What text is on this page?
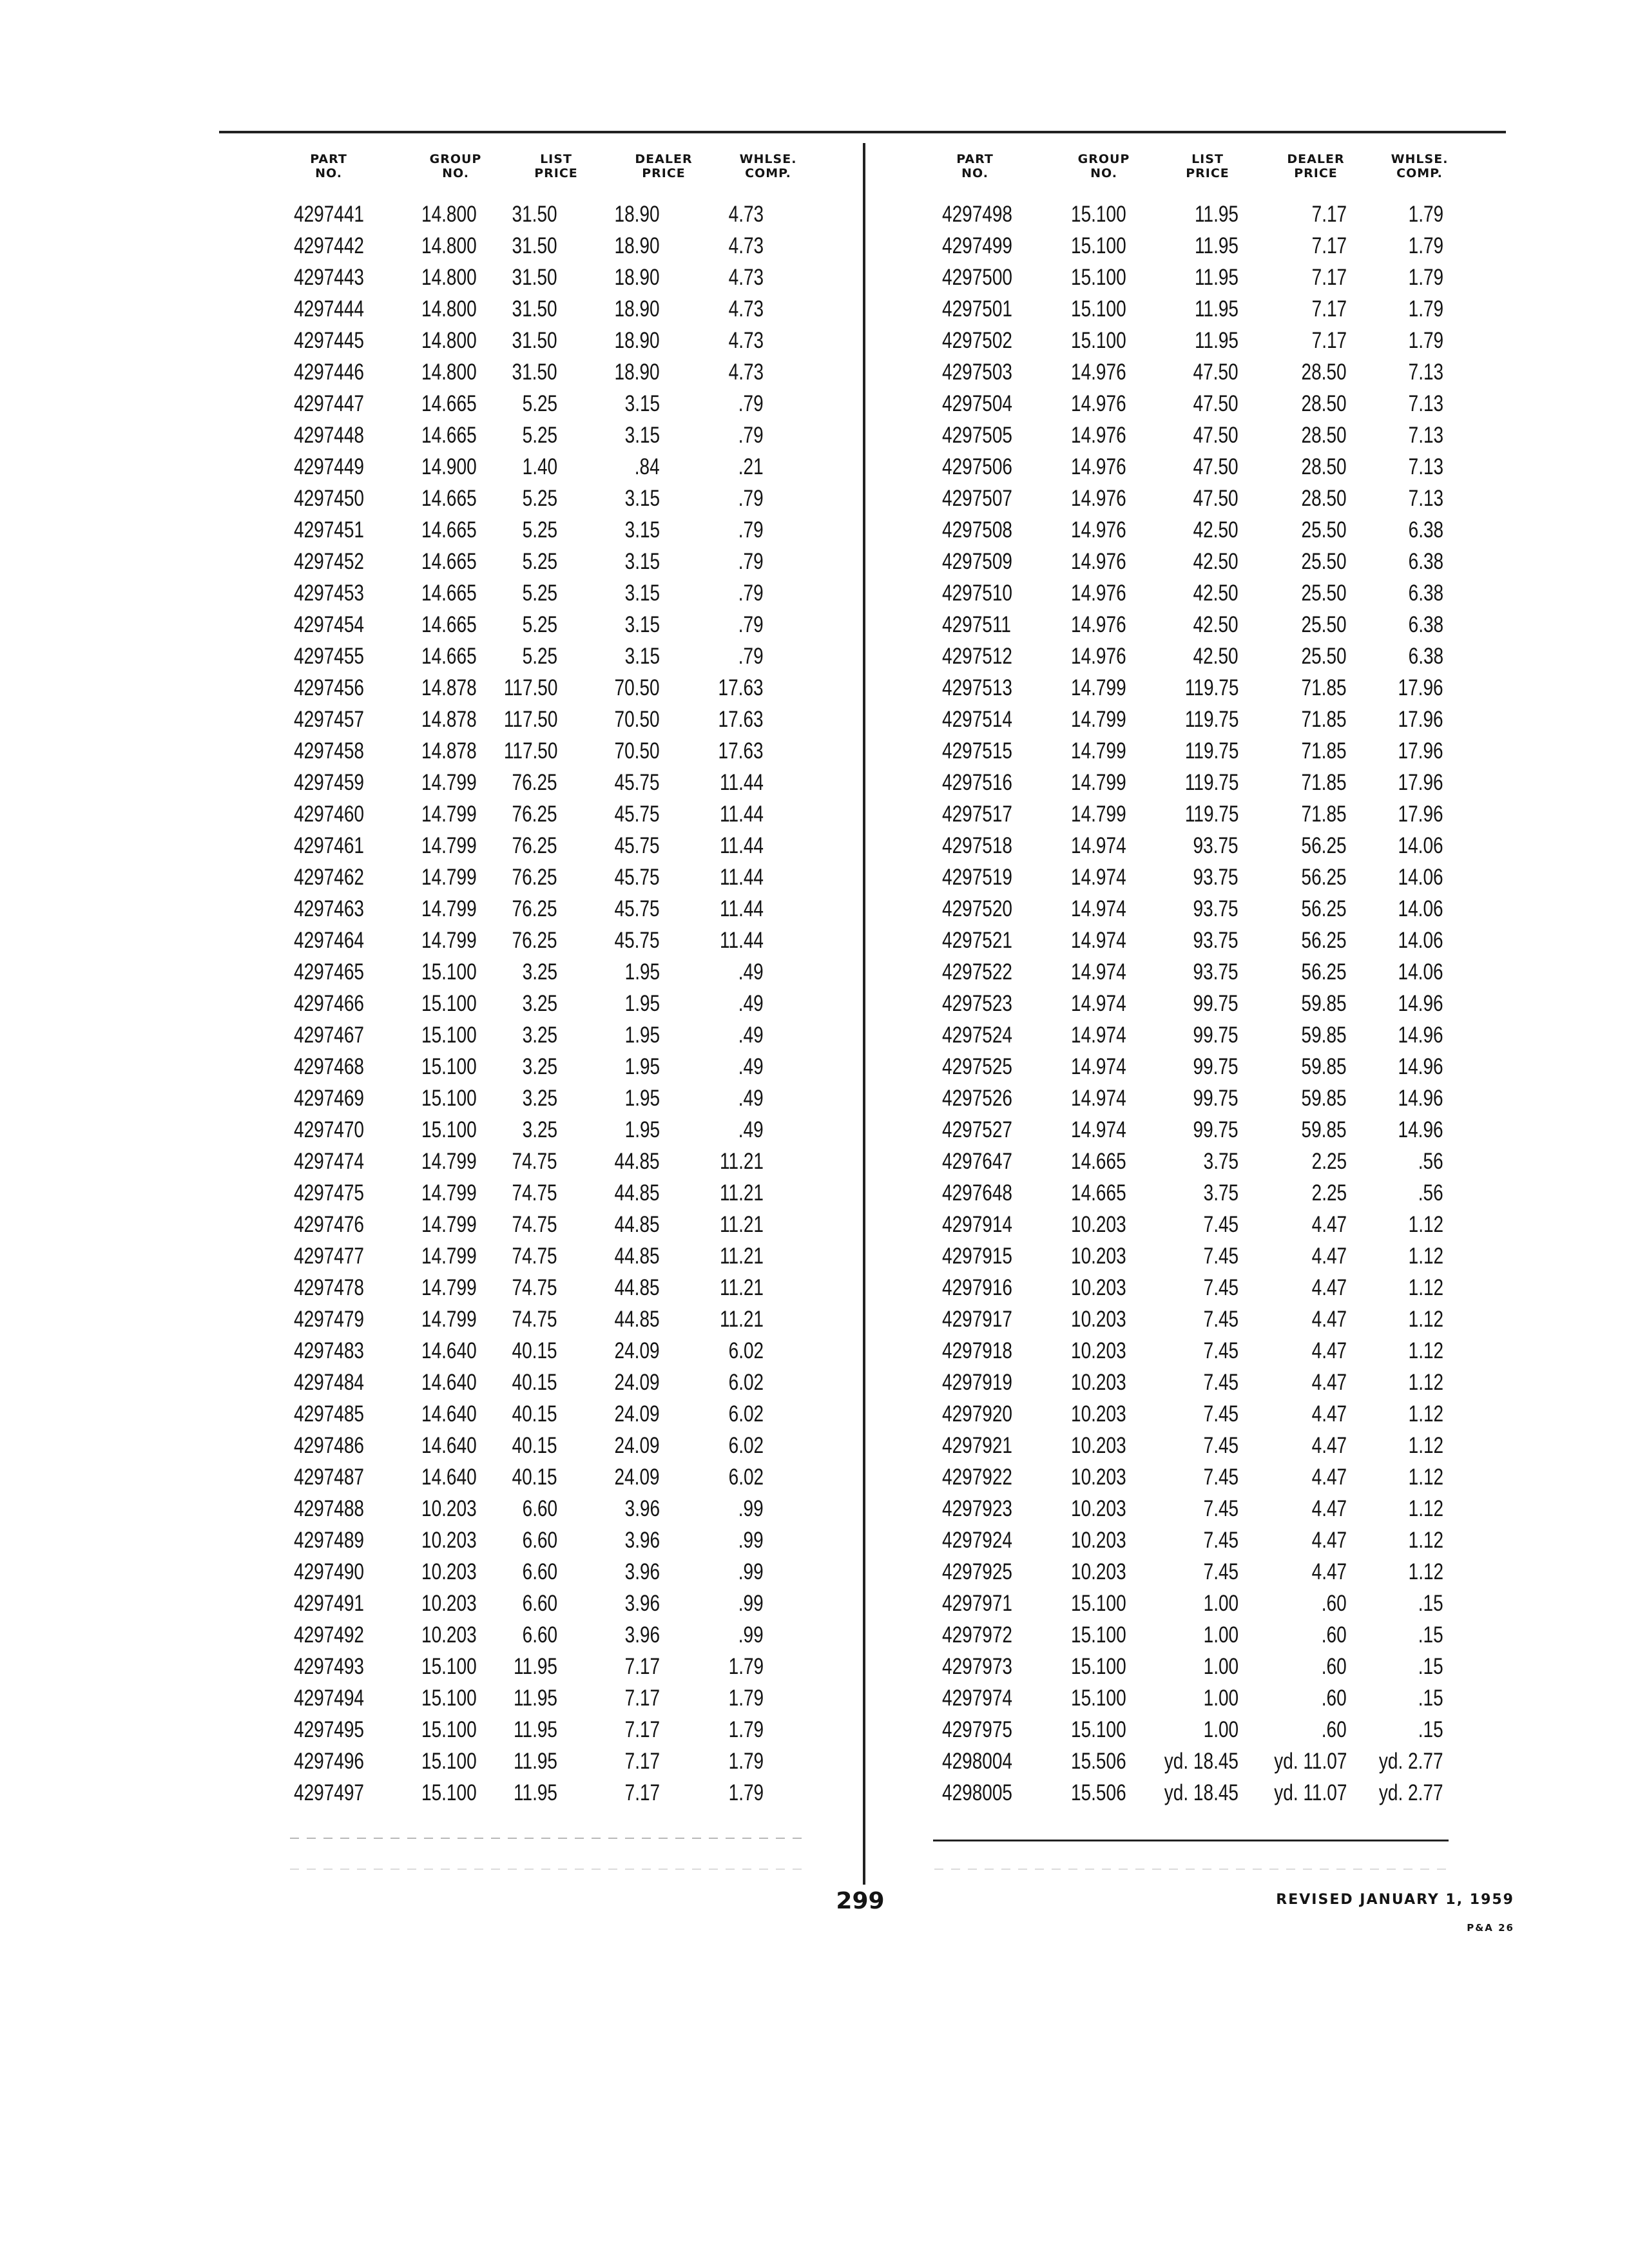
PART
NO.
GROUP
NO.
LIST
PRICE
DEALER
PRICE
WHLSE.
COMP.
4297441	14.800 31.50	18.90	4.73
4297442	14.800 31.50	18.90	4.73
4297443	14.800 31.50	18.90	4.73
4297444	14.800 31.50	18.90	4.73
4297445	14.800 31.50	18.90	4.73
4297446	14.800 31.50	18.90	4.73
4297447	14.665 5.25	3.15	.79
4297448	14.665 5.25	3.15	.79
4297449	14.900 1.40	.84	.21
4297450	14.665 5.25	3.15	.79
4297451	14.665 5.25	3.15	.79
4297452	14.665 5.25	3.15	.79
4297453	14.665 5.25	3.15	.79
4297454	14.665 5.25	3.15	.79
4297455	14.665 5.25	3.15	.79
4297456	14.878 117.50	70.50	17.63
4297457	14.878 117.50	70.50	17.63
4297458	14.878 117.50	70.50	17.63
4297459	14.799 76.25	45.75	11.44
4297460	14.799 76.25	45.75	11.44
4297461	14.799 76.25	45.75	11.44
4297462	14.799 76.25	45.75	11.44
4297463	14.799 76.25	45.75	11.44
4297464	14.799 76.25	45.75	11.44
4297465	15.100 3.25	1.95	.49
4297466	15.100 3.25	1.95	.49
4297467	15.100 3.25	1.95	.49
4297468	15.100 3.25	1.95	.49
4297469	15.100 3.25	1.95	.49
4297470	15.100 3.25	1.95	.49
4297474	14.799 74.75	44.85	11.21
4297475	14.799 74.75	44.85	11.21
4297476	14.799 74.75	44.85	11.21
4297477	14.799 74.75	44.85	11.21
4297478	14.799 74.75	44.85	11.21
4297479	14.799 74.75	44.85	11.21
4297483	14.640 40.15	24.09	6.02
4297484	14.640 40.15	24.09	6.02
4297485	14.640 40.15	24.09	6.02
4297486	14.640 40.15	24.09	6.02
4297487	14.640 40.15	24.09	6.02
4297488	10.203 6.60	3.96	.99
4297489	10.203 6.60	3.96	.99
4297490	10.203 6.60	3.96	.99
4297491	10.203 6.60	3.96	.99
4297492	10.203 6.60	3.96	.99
4297493	15.100 11.95	7.17	1.79
4297494	15.100 11.95	7.17	1.79
4297495	15.100 11.95	7.17	1.79
4297496	15.100 11.95	7.17	1.79
4297497	15.100 11.95	7.17	1.79
PART
NO.
GROUP
NO.
LIST
PRICE
DEALER
PRICE
WHLSE.
COMP.
4297498	15.100	11.95	7.17	1.79
4297499	15.100	11.95	7.17	1.79
4297500	15.100	11.95	7.17	1.79
4297501	15.100	11.95	7.17	1.79
4297502	15.100	11.95	7.17	1.79
4297503	14.976	47.50	28.50	7.13
4297504	14.976	47.50	28.50	7.13
4297505	14.976	47.50	28.50	7.13
4297506	14.976	47.50	28.50	7.13
4297507	14.976	47.50	28.50	7.13
4297508	14.976	42.50	25.50	6.38
4297509	14.976	42.50	25.50	6.38
4297510	14.976	42.50	25.50	6.38
4297511	14.976	42.50	25.50	6.38
4297512	14.976	42.50	25.50	6.38
4297513	14.799	119.75	71.85 17.96
4297514	14.799	119.75	71.85 17.96
4297515	14.799	119.75	71.85 17.96
4297516	14.799	119.75	71.85 17.96
4297517	14.799	119.75	71.85 17.96
4297518	14.974	93.75	56.25 14.06
4297519	14.974	93.75	56.25 14.06
4297520	14.974	93.75	56.25 14.06
4297521	14.974	93.75	56.25 14.06
4297522	14.974	93.75	56.25 14.06
4297523	14.974	99.75	59.85 14.96
4297524	14.974	99.75	59.85 14.96
4297525	14.974	99.75	59.85 14.96
4297526	14.974	99.75	59.85 14.96
4297527	14.974	99.75	59.85 14.96
4297647	14.665	3.75	2.25	.56
4297648	14.665	3.75	2.25	.56
4297914	10.203	7.45	4.47	1.12
4297915	10.203	7.45	4.47	1.12
4297916	10.203	7.45	4.47	1.12
4297917	10.203	7.45	4.47	1.12
4297918	10.203	7.45	4.47	1.12
4297919	10.203	7.45	4.47	1.12
4297920	10.203	7.45	4.47	1.12
4297921	10.203	7.45	4.47	1.12
4297922	10.203	7.45	4.47	1.12
4297923	10.203	7.45	4.47	1.12
4297924	10.203	7.45	4.47	1.12
4297925	10.203	7.45	4.47	1.12
4297971	15.100	1.00	.60	.15
4297972	15.100	1.00	.60	.15
4297973	15.100	1.00	.60	.15
4297974	15.100	1.00	.60	.15
4297975	15.100	1.00	.60	.15
4298004	15.506 yd. 18.45 yd. 11.07 yd. 2.77
4298005	15.506 yd. 18.45 yd. 11.07 yd. 2.77
299	REVISED JANUARY 1, 1959
P&A 26
